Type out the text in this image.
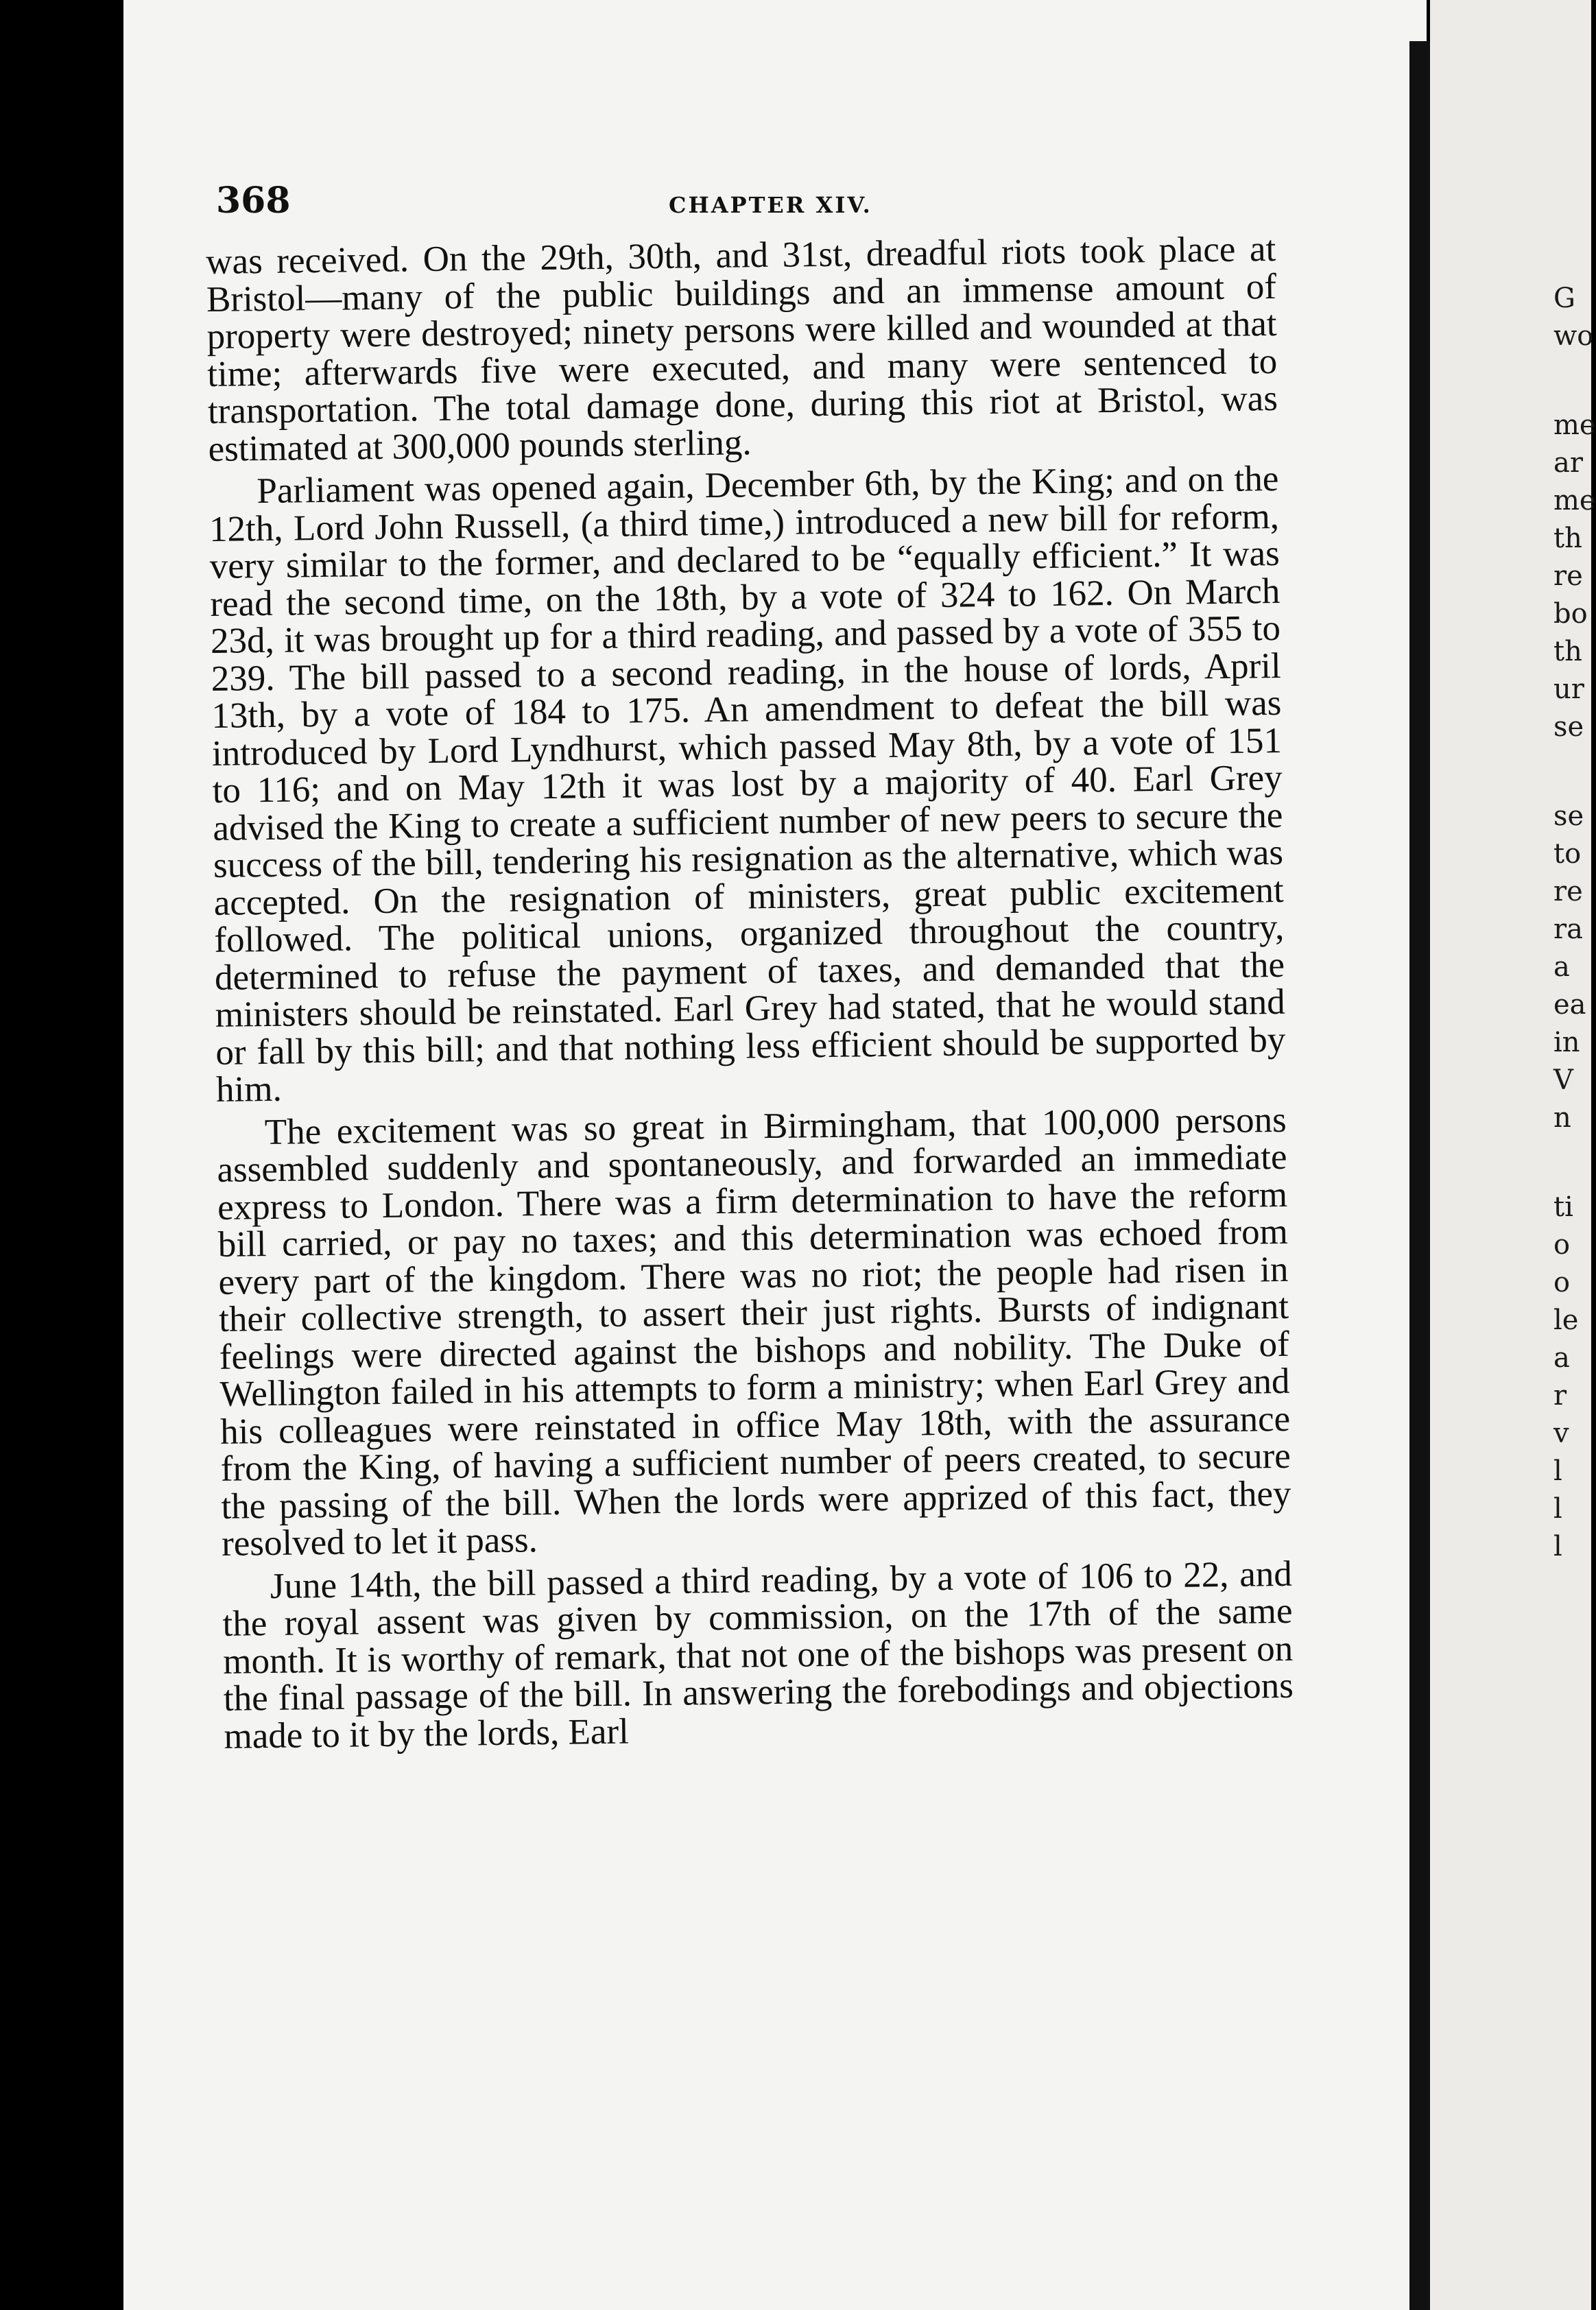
368	CHAPTER XIV.

was received. On the 29th, 30th, and 31st, dreadful riots took place at Bristol—many of the public buildings and an immense amount of property were destroyed; ninety persons were killed and wounded at that time; afterwards five were executed, and many were sentenced to transportation. The total damage done, during this riot at Bristol, was estimated at 300,000 pounds sterling.

Parliament was opened again, December 6th, by the King; and on the 12th, Lord John Russell, (a third time,) introduced a new bill for reform, very similar to the former, and declared to be “equally efficient.” It was read the second time, on the 18th, by a vote of 324 to 162. On March 23d, it was brought up for a third reading, and passed by a vote of 355 to 239. The bill passed to a second reading, in the house of lords, April 13th, by a vote of 184 to 175. An amendment to defeat the bill was introduced by Lord Lyndhurst, which passed May 8th, by a vote of 151 to 116; and on May 12th it was lost by a majority of 40. Earl Grey advised the King to create a sufficient number of new peers to secure the success of the bill, tendering his resignation as the alternative, which was accepted. On the resignation of ministers, great public excitement followed. The political unions, organized throughout the country, determined to refuse the payment of taxes, and demanded that the ministers should be reinstated. Earl Grey had stated, that he would stand or fall by this bill; and that nothing less efficient should be supported by him.

The excitement was so great in Birmingham, that 100,000 persons assembled suddenly and spontaneously, and forwarded an immediate express to London. There was a firm determination to have the reform bill carried, or pay no taxes; and this determination was echoed from every part of the kingdom. There was no riot; the people had risen in their collective strength, to assert their just rights. Bursts of indignant feelings were directed against the bishops and nobility. The Duke of Wellington failed in his attempts to form a ministry; when Earl Grey and his colleagues were reinstated in office May 18th, with the assurance from the King, of having a sufficient number of peers created, to secure the passing of the bill. When the lords were apprized of this fact, they resolved to let it pass.

June 14th, the bill passed a third reading, by a vote of 106 to 22, and the royal assent was given by commission, on the 17th of the same month. It is worthy of remark, that not one of the bishops was present on the final passage of the bill. In answering the forebodings and objections made to it by the lords, Earl

G
wo
me
ar
me
th
re
bo
th
ur
se
se
to
re
ra
a
ea
in
V
n
ti
o
o
le
a
r
v
l
l
l
